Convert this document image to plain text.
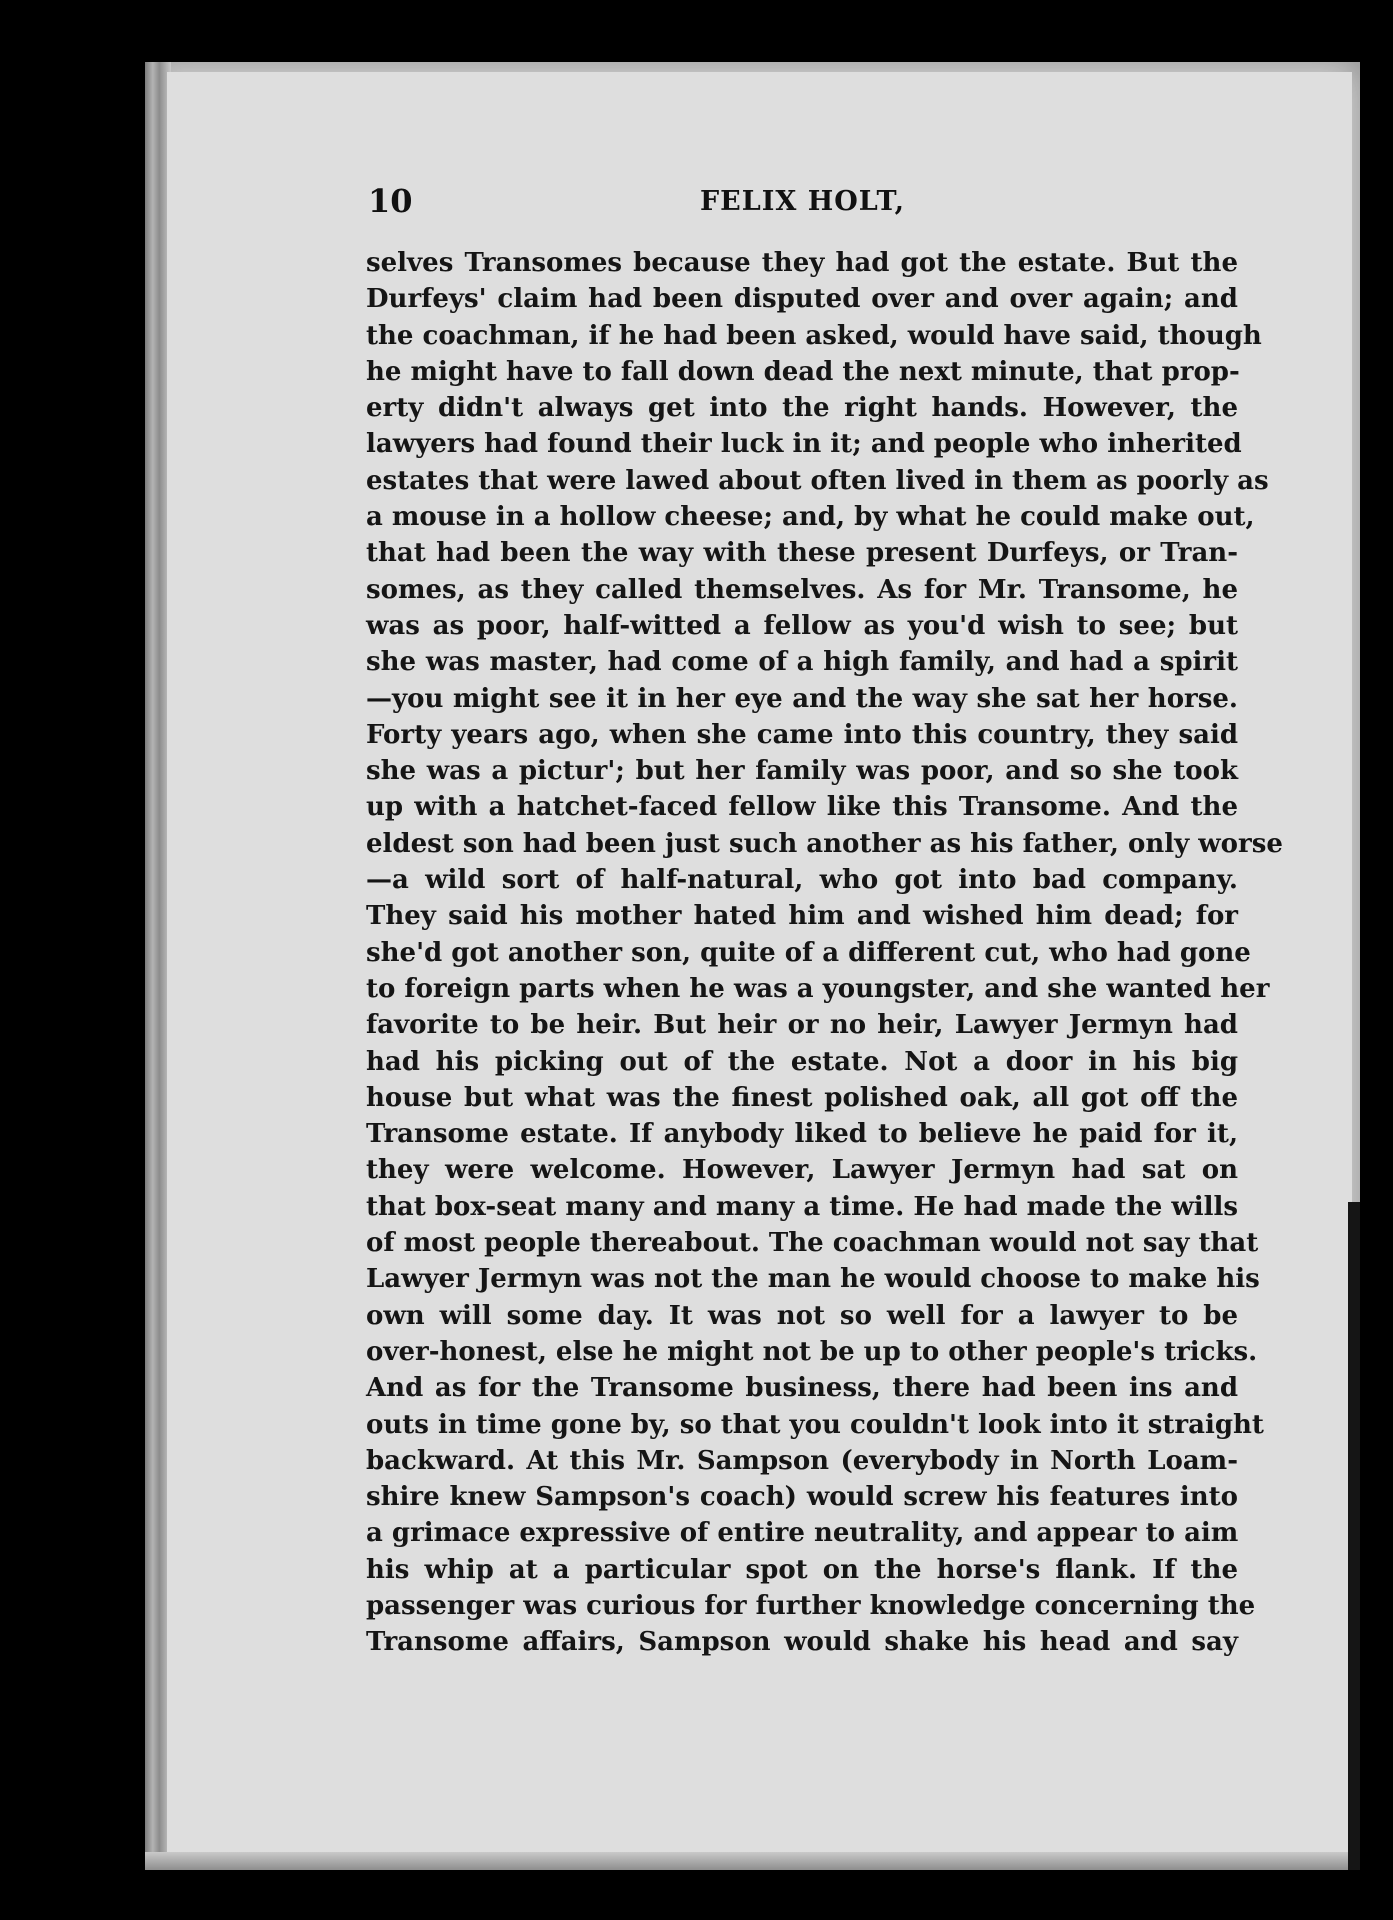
10	FELIX HOLT,
selves Transomes because they had got the estate. But the
Durfeys' claim had been disputed over and over again; and
the coachman, if he had been asked, would have said, though
he might have to fall down dead the next minute, that prop-
erty didn't always get into the right hands. However, the
lawyers had found their luck in it; and people who inherited
estates that were lawed about often lived in them as poorly as
a mouse in a hollow cheese; and, by what he could make out,
that had been the way with these present Durfeys, or Tran-
somes, as they called themselves. As for Mr. Transome, he
was as poor, half-witted a fellow as you'd wish to see; but
she was master, had come of a high family, and had a spirit
—you might see it in her eye and the way she sat her horse.
Forty years ago, when she came into this country, they said
she was a pictur'; but her family was poor, and so she took
up with a hatchet-faced fellow like this Transome. And the
eldest son had been just such another as his father, only worse
—a wild sort of half-natural, who got into bad company.
They said his mother hated him and wished him dead; for
she'd got another son, quite of a different cut, who had gone
to foreign parts when he was a youngster, and she wanted her
favorite to be heir. But heir or no heir, Lawyer Jermyn had
had his picking out of the estate. Not a door in his big
house but what was the finest polished oak, all got off the
Transome estate. If anybody liked to believe he paid for it,
they were welcome. However, Lawyer Jermyn had sat on
that box-seat many and many a time. He had made the wills
of most people thereabout. The coachman would not say that
Lawyer Jermyn was not the man he would choose to make his
own will some day. It was not so well for a lawyer to be
over-honest, else he might not be up to other people's tricks.
And as for the Transome business, there had been ins and
outs in time gone by, so that you couldn't look into it straight
backward. At this Mr. Sampson (everybody in North Loam-
shire knew Sampson's coach) would screw his features into
a grimace expressive of entire neutrality, and appear to aim
his whip at a particular spot on the horse's flank. If the
passenger was curious for further knowledge concerning the
Transome affairs, Sampson would shake his head and say
